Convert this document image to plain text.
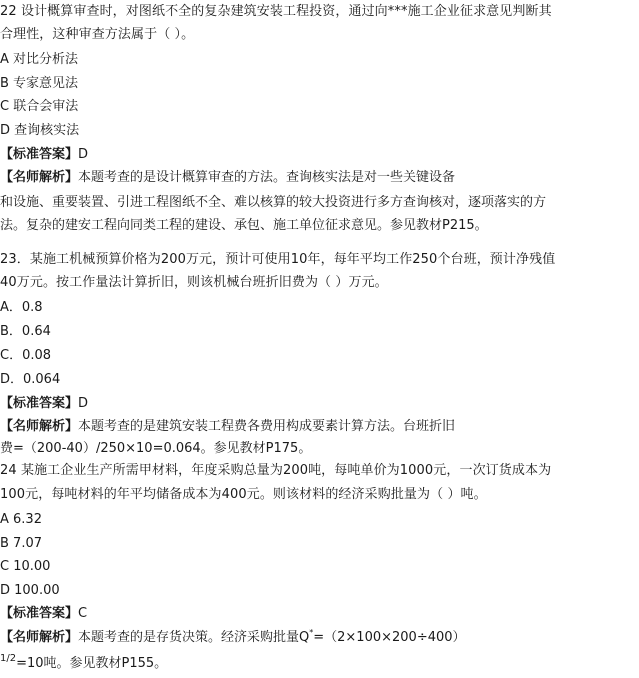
22 设计概算审查时，对图纸不全的复杂建筑安装工程投资，通过向***施工企业征求意见判断其
合理性，这种审查方法属于（ ）。
A 对比分析法
B 专家意见法
C 联合会审法
D 查询核实法
【标准答案】D
【名师解析】本题考查的是设计概算审查的方法。查询核实法是对一些关键设备
和设施、重要装置、引进工程图纸不全、难以核算的较大投资进行多方查询核对，逐项落实的方
法。复杂的建安工程向同类工程的建设、承包、施工单位征求意见。参见教材P215。
23．某施工机械预算价格为200万元，预计可使用10年，每年平均工作250个台班，预计净残值
40万元。按工作量法计算折旧，则该机械台班折旧费为（ ）万元。
A．0.8
B．0.64
C．0.08
D．0.064
【标准答案】D
【名师解析】本题考查的是建筑安装工程费各费用构成要素计算方法。台班折旧
费=（200-40）/250×10=0.064。参见教材P175。
24 某施工企业生产所需甲材料，年度采购总量为200吨，每吨单价为1000元，一次订货成本为
100元，每吨材料的年平均储备成本为400元。则该材料的经济采购批量为（ ）吨。
A 6.32
B 7.07
C 10.00
D 100.00
【标准答案】C
【名师解析】本题考查的是存货决策。经济采购批量Q*=（2×100×200÷400）
$^{1/2}$=10吨。参见教材P155。
